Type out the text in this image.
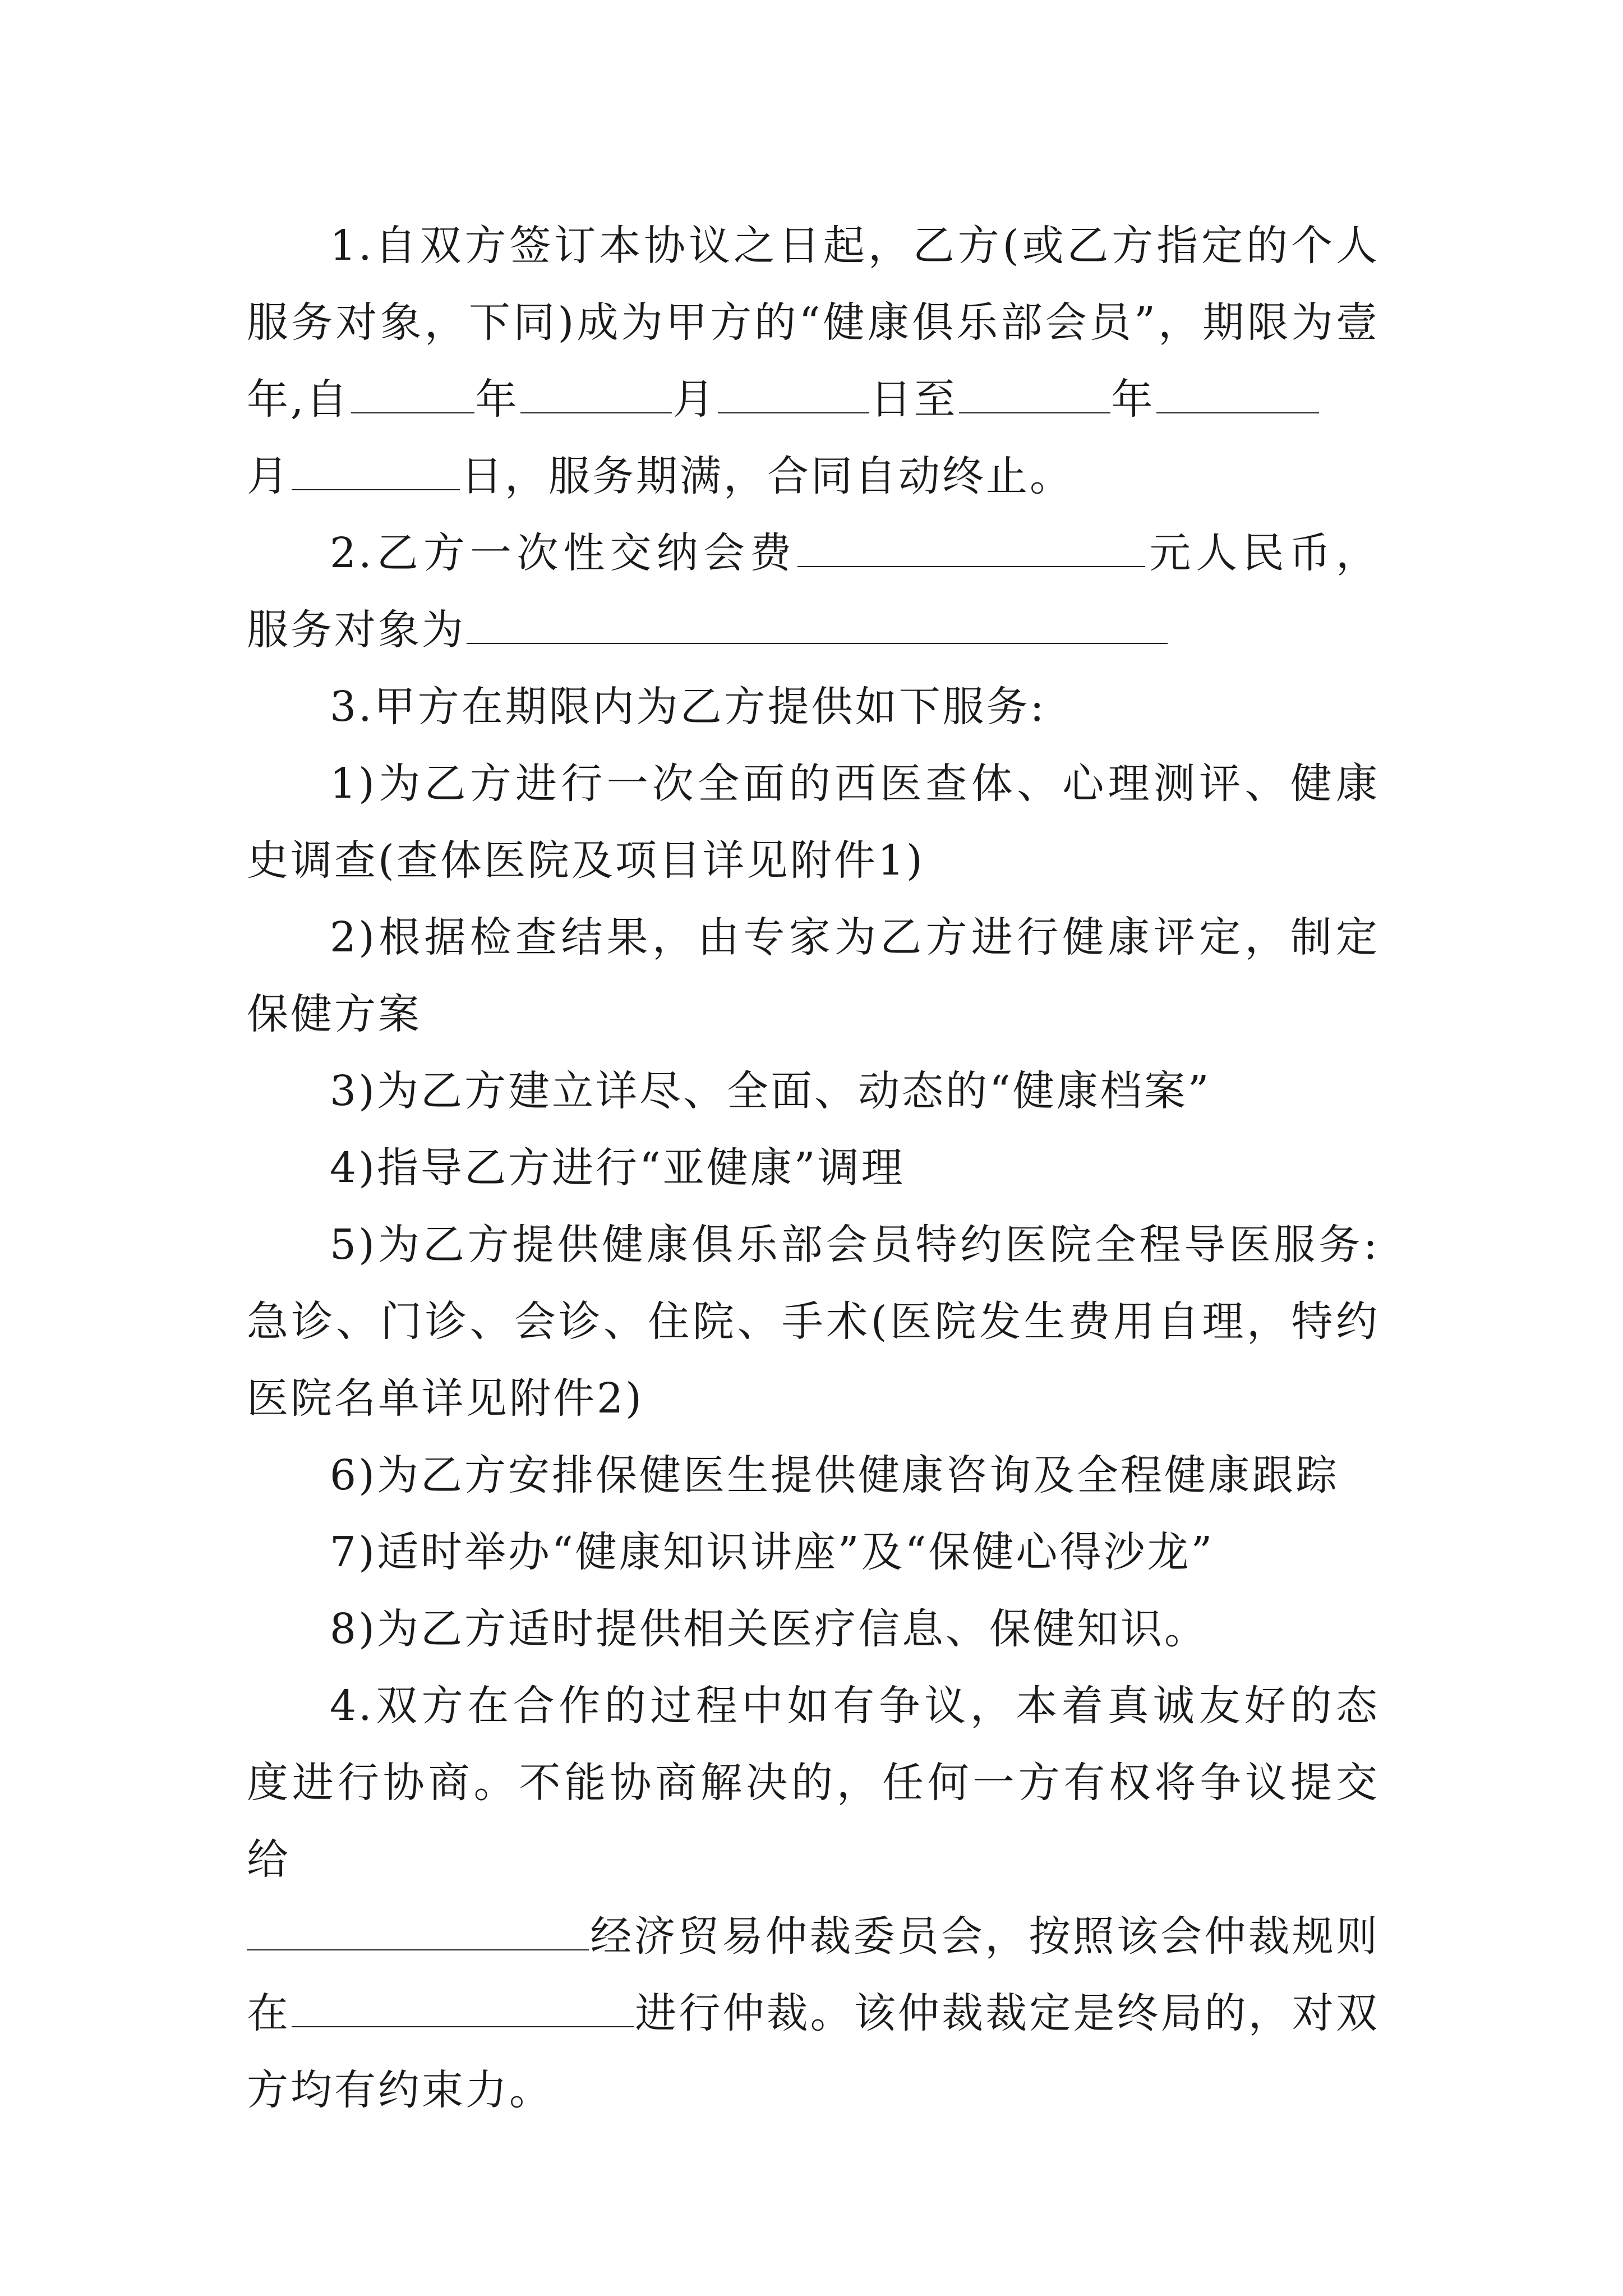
1.自双方签订本协议之日起，乙方(或乙方指定的个人服务对象，下同)成为甲方的“健康俱乐部会员”，期限为壹年,自	年	月	日至	年
月	日，服务期满，合同自动终止。

2.乙方一次性交纳会费	元人民币，服务对象为

3.甲方在期限内为乙方提供如下服务:

1)为乙方进行一次全面的西医查体、心理测评、健康史调查(查体医院及项目详见附件1)

2)根据检查结果，由专家为乙方进行健康评定，制定保健方案

3)为乙方建立详尽、全面、动态的“健康档案”

4)指导乙方进行“亚健康”调理

5)为乙方提供健康俱乐部会员特约医院全程导医服务:急诊、门诊、会诊、住院、手术(医院发生费用自理，特约医院名单详见附件2)

6)为乙方安排保健医生提供健康咨询及全程健康跟踪

7)适时举办“健康知识讲座”及“保健心得沙龙”

8)为乙方适时提供相关医疗信息、保健知识。

4.双方在合作的过程中如有争议，本着真诚友好的态度进行协商。不能协商解决的，任何一方有权将争议提交给
经济贸易仲裁委员会，按照该会仲裁规则在	进行仲裁。该仲裁裁定是终局的，对双方均有约束力。
